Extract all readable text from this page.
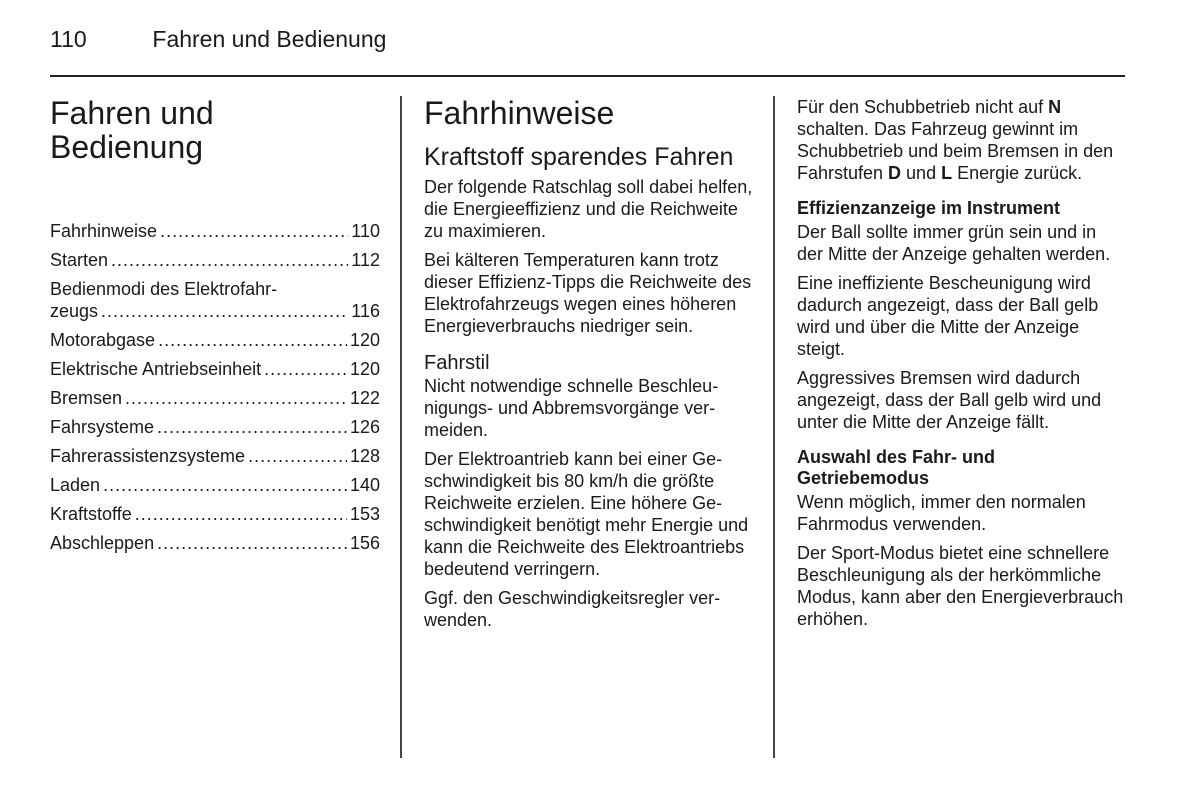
110	Fahren und Bedienung
Fahren und
Bedienung
Fahrhinweise .....	110
Starten .....	112
Bedienmodi des Elektrofahr-
zeugs .....	116
Motorabgase .....	120
Elektrische Antriebseinheit .....	120
Bremsen .....	122
Fahrsysteme .....	126
Fahrerassistenzsysteme .....	128
Laden .....	140
Kraftstoffe .....	153
Abschleppen .....	156
Fahrhinweise
Kraftstoff sparendes Fahren

Der folgende Ratschlag soll dabei helfen, die Energieeffizienz und die Reichweite zu maximieren.

Bei kälteren Temperaturen kann trotz dieser Effizienz-Tipps die Reichweite des Elektrofahrzeugs wegen eines höheren Energieverbrauchs niedriger sein.

Fahrstil

Nicht notwendige schnelle Beschleunigungs- und Abbremsvorgänge vermeiden.

Der Elektroantrieb kann bei einer Geschwindigkeit bis 80 km/h die größte Reichweite erzielen. Eine höhere Geschwindigkeit benötigt mehr Energie und kann die Reichweite des Elektroantriebs bedeutend verringern.

Ggf. den Geschwindigkeitsregler verwenden.

Für den Schubbetrieb nicht auf N schalten. Das Fahrzeug gewinnt im Schubbetrieb und beim Bremsen in den Fahrstufen D und L Energie zurück.

Effizienzanzeige im Instrument

Der Ball sollte immer grün sein und in der Mitte der Anzeige gehalten werden.

Eine ineffiziente Bescheunigung wird dadurch angezeigt, dass der Ball gelb wird und über die Mitte der Anzeige steigt.

Aggressives Bremsen wird dadurch angezeigt, dass der Ball gelb wird und unter die Mitte der Anzeige fällt.

Auswahl des Fahr- und Getriebemodus

Wenn möglich, immer den normalen Fahrmodus verwenden.

Der Sport-Modus bietet eine schnellere Beschleunigung als der herkömmliche Modus, kann aber den Energieverbrauch erhöhen.
